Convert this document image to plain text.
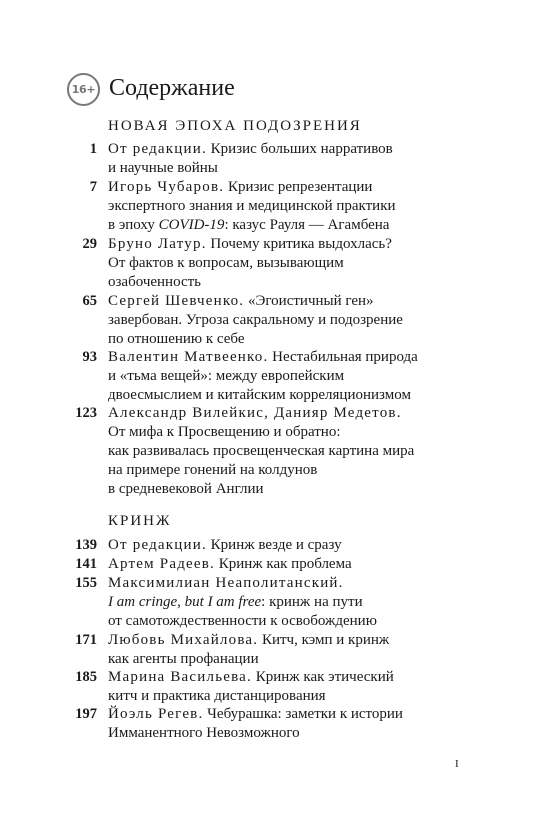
16+ Содержание
НОВАЯ ЭПОХА ПОДОЗРЕНИЯ
1 От редакции. Кризис больших нарративов
и научные войны
7 Игорь Чубаров. Кризис репрезентации
экспертного знания и медицинской практики
в эпоху COVID-19: казус Рауля — Агамбена
29 Бруно Латур. Почему критика выдохлась?
От фактов к вопросам, вызывающим
озабоченность
65 Сергей Шевченко. «Эгоистичный ген»
завербован. Угроза сакральному и подозрение
по отношению к себе
93 Валентин Матвеенко. Нестабильная природа
и «тьма вещей»: между европейским
двоесмыслием и китайским корреляционизмом
123 Александр Вилейкис, Данияр Медетов.
От мифа к Просвещению и обратно:
как развивалась просвещенческая картина мира
на примере гонений на колдунов
в средневековой Англии
КРИНЖ
139 От редакции. Кринж везде и сразу
141 Артем Радеев. Кринж как проблема
155 Максимилиан Неаполитанский.
I am cringe, but I am free: кринж на пути
от самотождественности к освобождению
171 Любовь Михайлова. Китч, кэмп и кринж
как агенты профанации
185 Марина Васильева. Кринж как этический
китч и практика дистанцирования
197 Йоэль Регев. Чебурашка: заметки к истории
Имманентного Невозможного
I
